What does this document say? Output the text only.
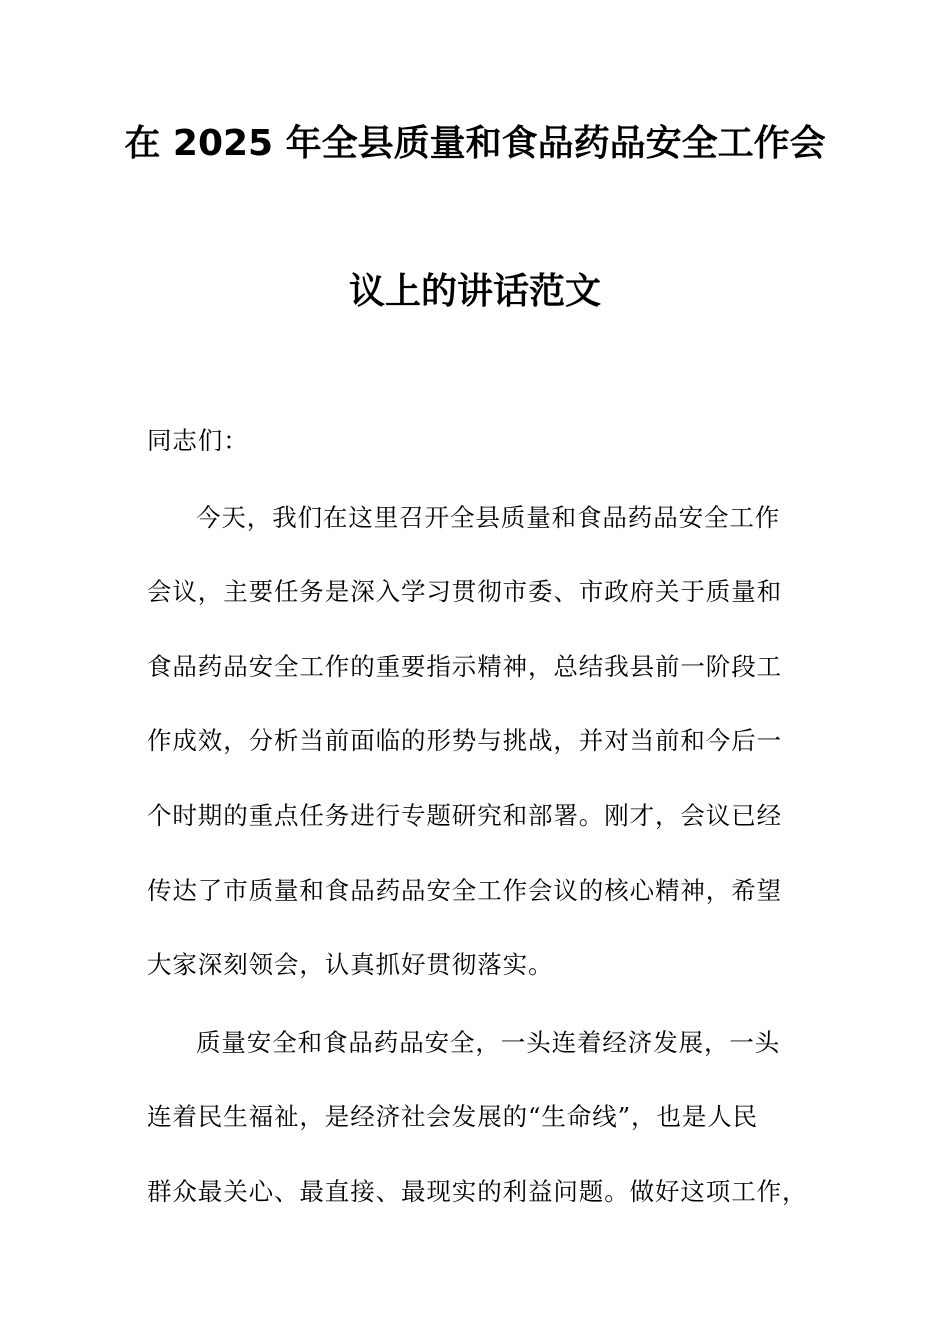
在 2025 年全县质量和食品药品安全工作会
议上的讲话范文
同志们：
今天，我们在这里召开全县质量和食品药品安全工作
会议，主要任务是深入学习贯彻市委、市政府关于质量和
食品药品安全工作的重要指示精神，总结我县前一阶段工
作成效，分析当前面临的形势与挑战，并对当前和今后一
个时期的重点任务进行专题研究和部署。刚才，会议已经
传达了市质量和食品药品安全工作会议的核心精神，希望
大家深刻领会，认真抓好贯彻落实。
质量安全和食品药品安全，一头连着经济发展，一头
连着民生福祉，是经济社会发展的“生命线”，也是人民
群众最关心、最直接、最现实的利益问题。做好这项工作，
